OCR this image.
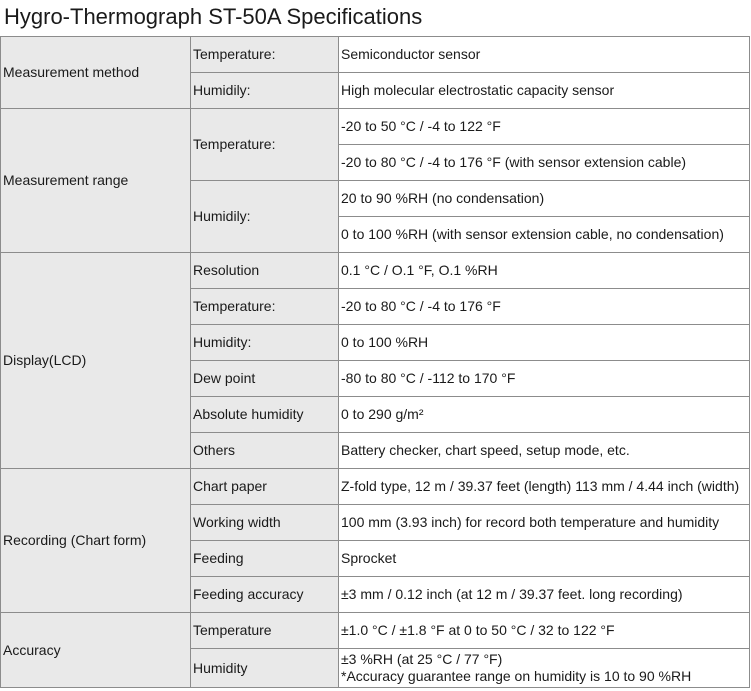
Hygro-Thermograph ST-50A Specifications
Measurement method	Temperature:	Semiconductor sensor
	Humidily:	High molecular electrostatic capacity sensor
Measurement range	Temperature:	-20 to 50 °C / -4 to 122 °F
		-20 to 80 °C / -4 to 176 °F (with sensor extension cable)
	Humidily:	20 to 90 %RH (no condensation)
		0 to 100 %RH (with sensor extension cable, no condensation)
Display(LCD)	Resolution	0.1 °C / O.1 °F, O.1 %RH
	Temperature:	-20 to 80 °C / -4 to 176 °F
	Humidity:	0 to 100 %RH
	Dew point	-80 to 80 °C / -112 to 170 °F
	Absolute humidity	0 to 290 g/m²
	Others	Battery checker, chart speed, setup mode, etc.
Recording (Chart form)	Chart paper	Z-fold type, 12 m / 39.37 feet (length) 113 mm / 4.44 inch (width)
	Working width	100 mm (3.93 inch) for record both temperature and humidity
	Feeding	Sprocket
	Feeding accuracy	±3 mm / 0.12 inch (at 12 m / 39.37 feet. long recording)
Accuracy	Temperature	±1.0 °C / ±1.8 °F at 0 to 50 °C / 32 to 122 °F
	Humidity	±3 %RH (at 25 °C / 77 °F)
*Accuracy guarantee range on humidity is 10 to 90 %RH
